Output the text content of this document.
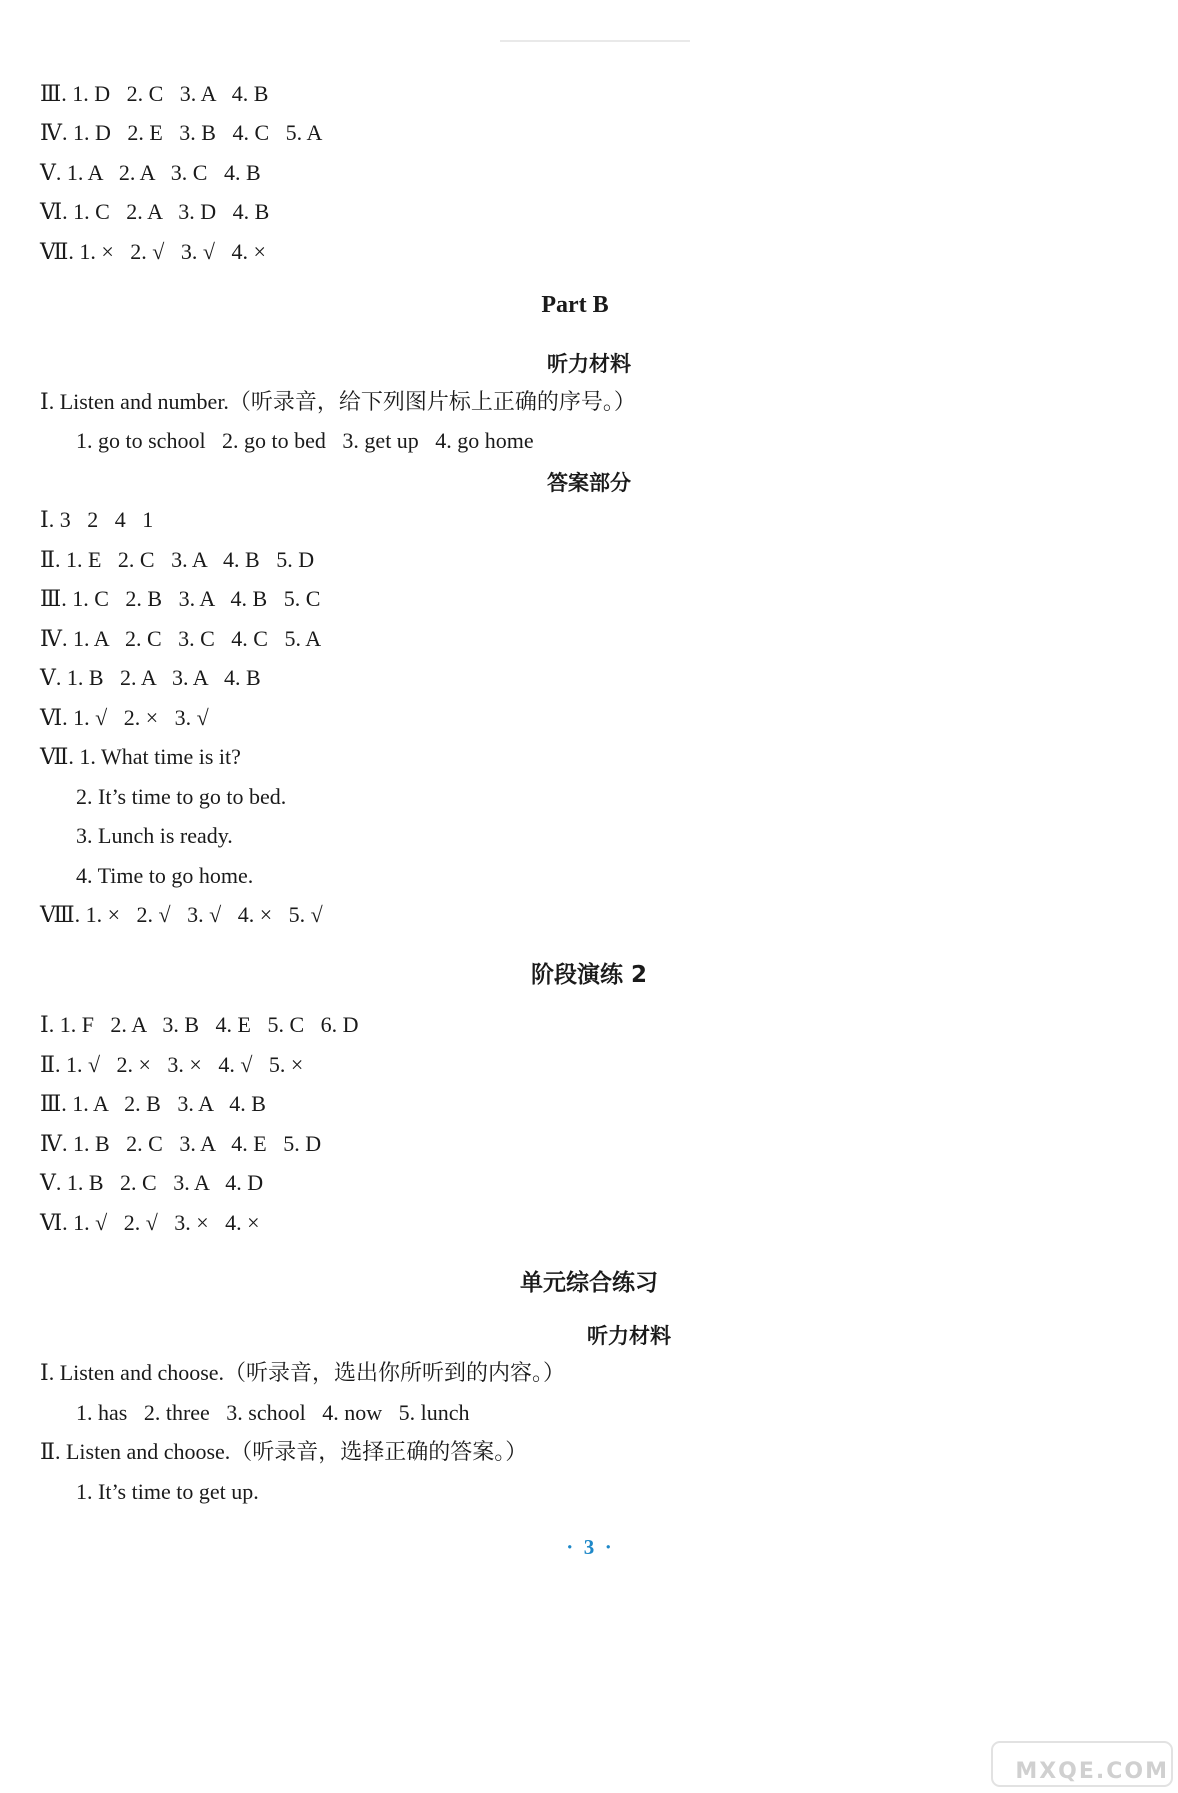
Ⅲ. 1. D   2. C   3. A   4. B
Ⅳ. 1. D   2. E   3. B   4. C   5. A
Ⅴ. 1. A   2. A   3. C   4. B
Ⅵ. 1. C   2. A   3. D   4. B
Ⅶ. 1. ×   2. √   3. √   4. ×
Part B
听力材料
Ⅰ. Listen and number.（听录音，给下列图片标上正确的序号。）
1. go to school   2. go to bed   3. get up   4. go home
答案部分
Ⅰ. 3   2   4   1
Ⅱ. 1. E   2. C   3. A   4. B   5. D
Ⅲ. 1. C   2. B   3. A   4. B   5. C
Ⅳ. 1. A   2. C   3. C   4. C   5. A
Ⅴ. 1. B   2. A   3. A   4. B
Ⅵ. 1. √   2. ×   3. √
Ⅶ. 1. What time is it?
2. It’s time to go to bed.
3. Lunch is ready.
4. Time to go home.
Ⅷ. 1. ×   2. √   3. √   4. ×   5. √
阶段演练 2
Ⅰ. 1. F   2. A   3. B   4. E   5. C   6. D
Ⅱ. 1. √   2. ×   3. ×   4. √   5. ×
Ⅲ. 1. A   2. B   3. A   4. B
Ⅳ. 1. B   2. C   3. A   4. E   5. D
Ⅴ. 1. B   2. C   3. A   4. D
Ⅵ. 1. √   2. √   3. ×   4. ×
单元综合练习
听力材料
Ⅰ. Listen and choose.（听录音，选出你所听到的内容。）
1. has   2. three   3. school   4. now   5. lunch
Ⅱ. Listen and choose.（听录音，选择正确的答案。）
1. It’s time to get up.
·  3  ·
MXQE.COM
